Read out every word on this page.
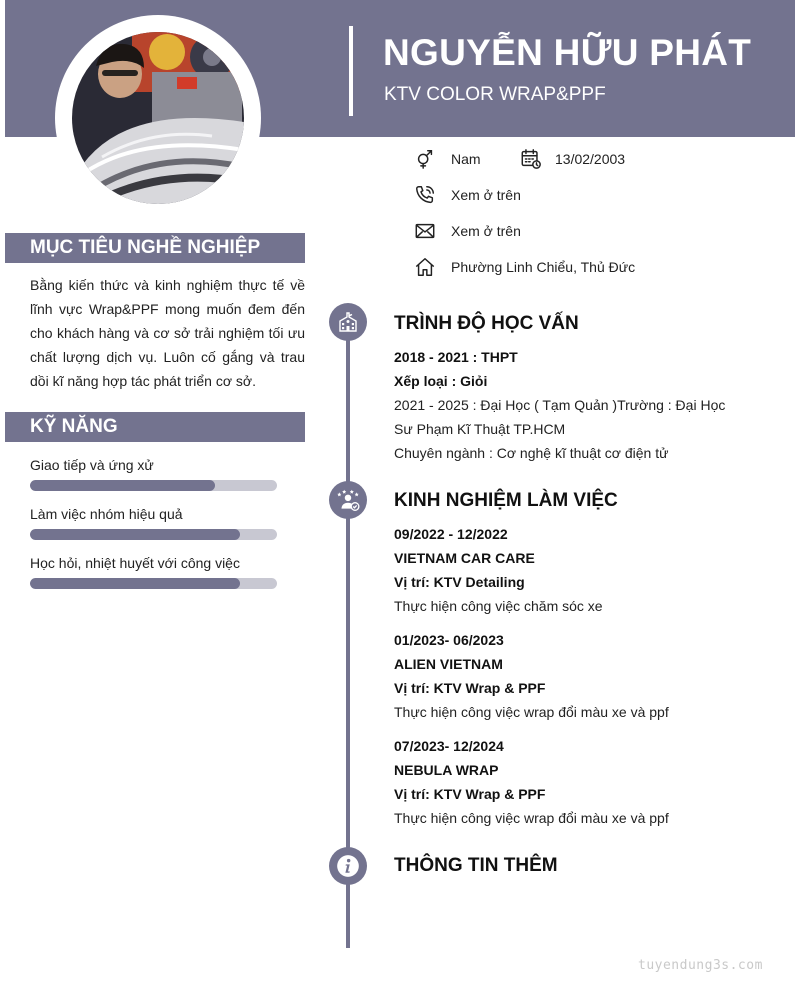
NGUYỄN HỮU PHÁT
KTV COLOR WRAP&PPF
Nam	13/02/2003
Xem ở trên
Xem ở trên
Phường Linh Chiểu, Thủ Đức
MỤC TIÊU NGHỀ NGHIỆP

Bằng kiến thức và kinh nghiệm thực tế về lĩnh vực Wrap&PPF mong muốn đem đến cho khách hàng và cơ sở trải nghiệm tối ưu chất lượng dịch vụ. Luôn cố gắng và trau dồi kĩ năng hợp tác phát triển cơ sở.

KỸ NĂNG
Giao tiếp và ứng xử
Làm việc nhóm hiệu quả
Học hỏi, nhiệt huyết với công việc
TRÌNH ĐỘ HỌC VẤN
2018 - 2021 : THPT
Xếp loại : Giỏi
2021 - 2025 : Đại Học ( Tạm Quản )Trường : Đại Học
Sư Phạm Kĩ Thuật TP.HCM
Chuyên ngành : Cơ nghệ kĩ thuật cơ điện tử
KINH NGHIỆM LÀM VIỆC
09/2022 - 12/2022
VIETNAM CAR CARE
Vị trí: KTV Detailing
Thực hiện công việc chăm sóc xe
01/2023- 06/2023
ALIEN VIETNAM
Vị trí: KTV Wrap & PPF
Thực hiện công việc wrap đổi màu xe và ppf
07/2023- 12/2024
NEBULA WRAP
Vị trí: KTV Wrap & PPF
Thực hiện công việc wrap đổi màu xe và ppf
THÔNG TIN THÊM
tuyendung3s.com
